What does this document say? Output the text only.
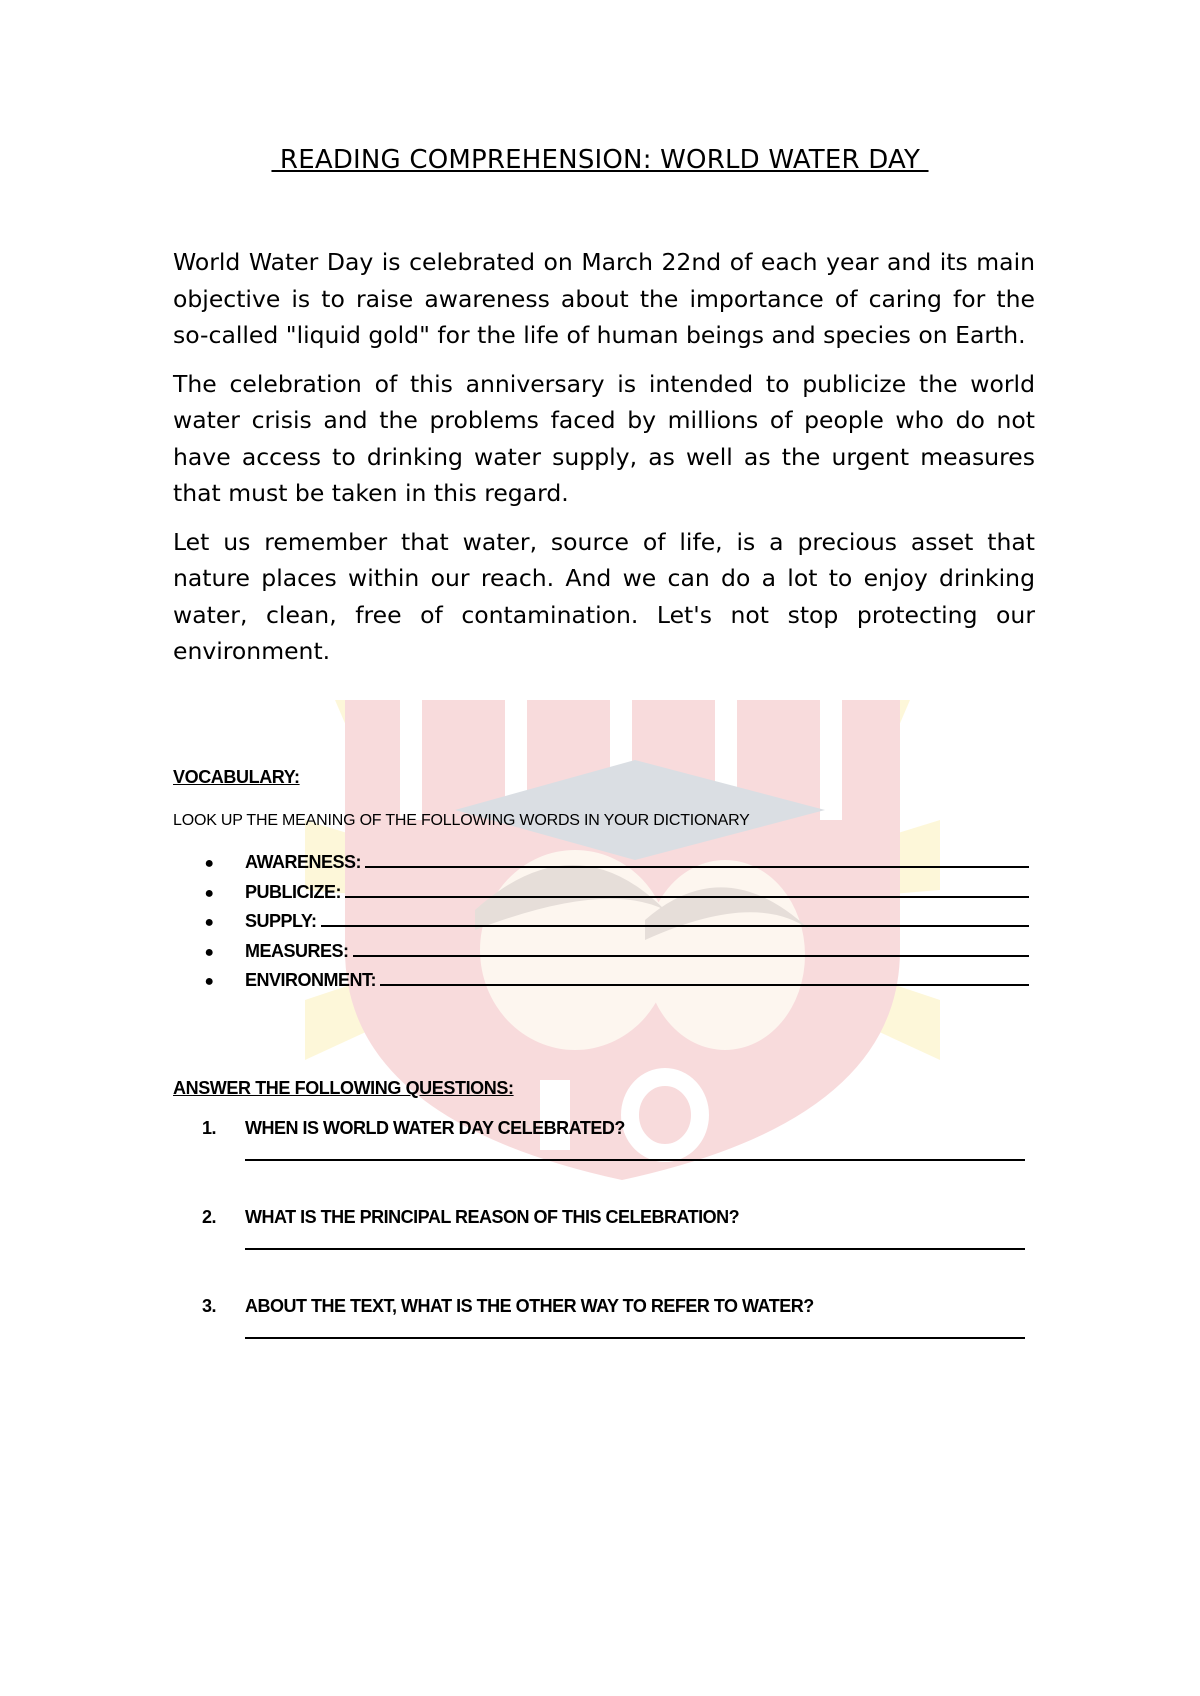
READING COMPREHENSION: WORLD WATER DAY

World Water Day is celebrated on March 22nd of each year and its main objective is to raise awareness about the importance of caring for the so-called "liquid gold" for the life of human beings and species on Earth.

The celebration of this anniversary is intended to publicize the world water crisis and the problems faced by millions of people who do not have access to drinking water supply, as well as the urgent measures that must be taken in this regard.

Let us remember that water, source of life, is a precious asset that nature places within our reach. And we can do a lot to enjoy drinking water, clean, free of contamination. Let's not stop protecting our environment.

VOCABULARY:
LOOK UP THE MEANING OF THE FOLLOWING WORDS IN YOUR DICTIONARY
●	AWARENESS:
●	PUBLICIZE:
●	SUPPLY:
●	MEASURES:
●	ENVIRONMENT:
ANSWER THE FOLLOWING QUESTIONS:
1.	WHEN IS WORLD WATER DAY CELEBRATED?
2.	WHAT IS THE PRINCIPAL REASON OF THIS CELEBRATION?
3.	ABOUT THE TEXT, WHAT IS THE OTHER WAY TO REFER TO WATER?
